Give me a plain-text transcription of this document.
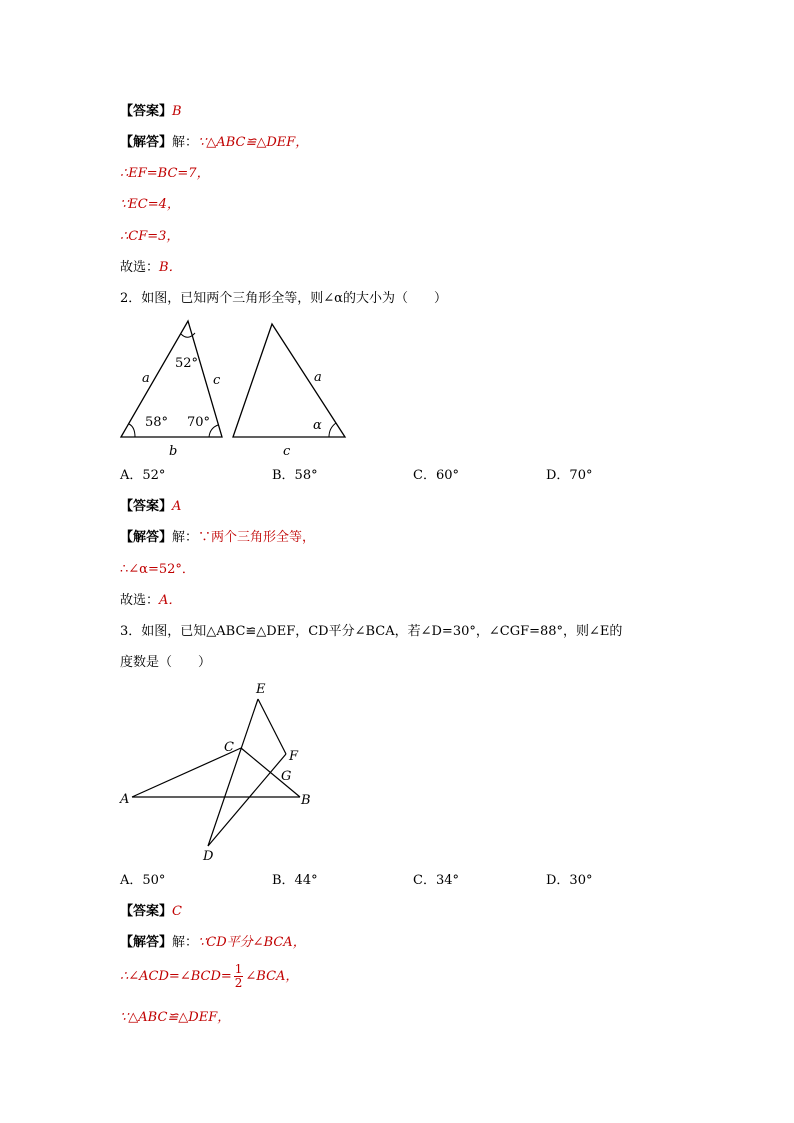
【答案】B
【解答】解：∵△ABC≌△DEF，
∴EF=BC=7，
∵EC=4，
∴CF=3，
故选：B．
2．如图，已知两个三角形全等，则∠α的大小为（　　）
52°
58° 70°
a	c
b
a
c
α
A．52°	B．58°	C．60°	D．70°
【答案】A
【解答】解：∵两个三角形全等，
∴∠α=52°．
故选：A．
3．如图，已知△ABC≌△DEF，CD平分∠BCA，若∠D=30°，∠CGF=88°，则∠E的
度数是（　　）
E
C
F
G
A	B
D
A．50°	B．44°	C．34°	D．30°
【答案】C
【解答】解：∵CD平分∠BCA，
∴∠ACD=∠BCD= $\frac{1}{2}$ ∠BCA，
∵△ABC≌△DEF，
